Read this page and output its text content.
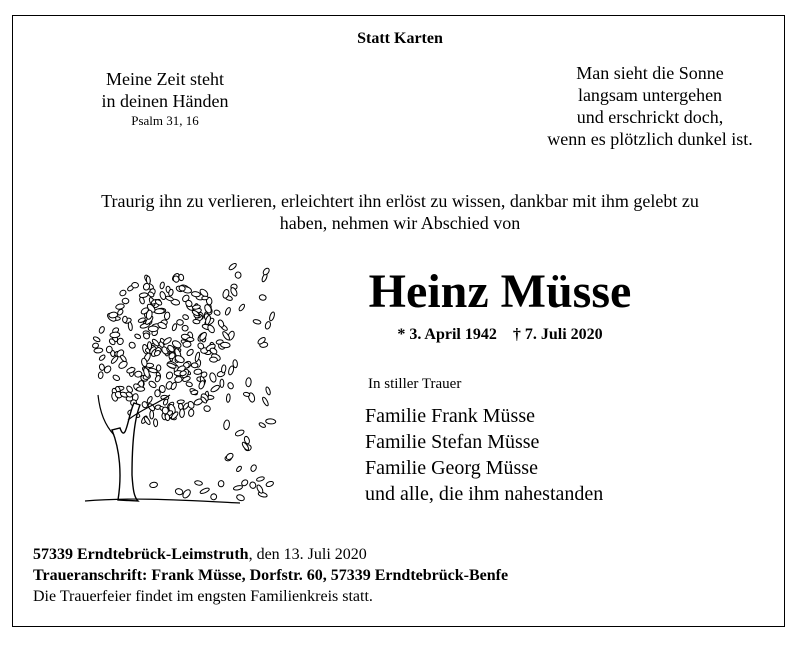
Statt Karten
Meine Zeit steht
in deinen Händen
Psalm 31, 16
Man sieht die Sonne
langsam untergehen
und erschrickt doch,
wenn es plötzlich dunkel ist.
Traurig ihn zu verlieren, erleichtert ihn erlöst zu wissen, dankbar mit ihm gelebt zu
haben, nehmen wir Abschied von
Heinz Müsse
* 3. April 1942 † 7. Juli 2020
In stiller Trauer
Familie Frank Müsse
Familie Stefan Müsse
Familie Georg Müsse
und alle, die ihm nahestanden
57339 Erndtebrück-Leimstruth, den 13. Juli 2020
Traueranschrift: Frank Müsse, Dorfstr. 60, 57339 Erndtebrück-Benfe
Die Trauerfeier findet im engsten Familienkreis statt.
